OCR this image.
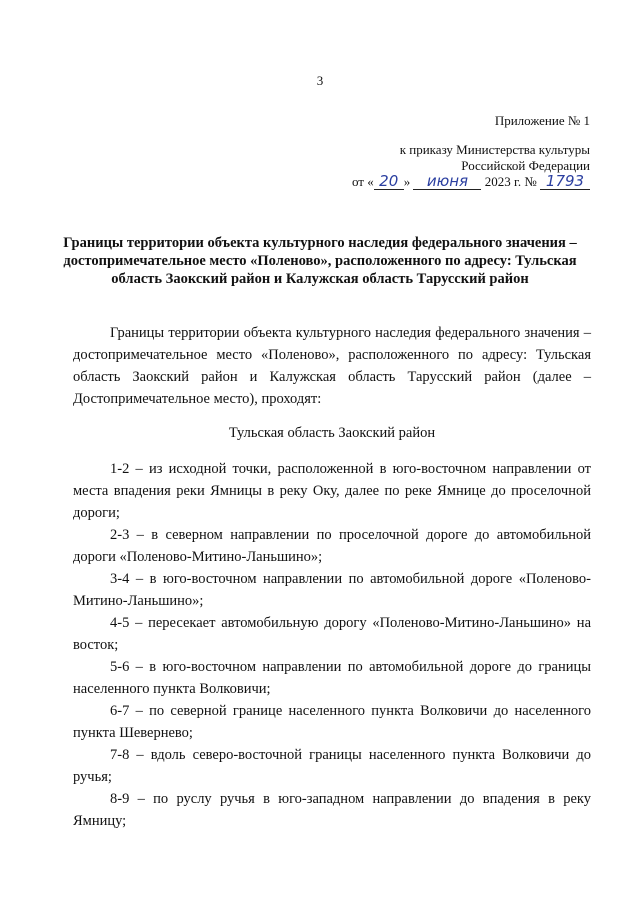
3
Приложение № 1
к приказу Министерства культуры
Российской Федерации
от « 20 » июня 2023 г. № 1793
Границы территории объекта культурного наследия федерального значения – достопримечательное место «Поленово», расположенного по адресу: Тульская область Заокский район и Калужская область Тарусский район

Границы территории объекта культурного наследия федерального значения – достопримечательное место «Поленово», расположенного по адресу: Тульская область Заокский район и Калужская область Тарусский район (далее – Достопримечательное место), проходят:

Тульская область Заокский район

1-2 – из исходной точки, расположенной в юго-восточном направлении от места впадения реки Ямницы в реку Оку, далее по реке Ямнице до проселочной дороги;

2-3 – в северном направлении по проселочной дороге до автомобильной дороги «Поленово-Митино-Ланьшино»;

3-4 – в юго-восточном направлении по автомобильной дороге «Поленово-Митино-Ланьшино»;

4-5 – пересекает автомобильную дорогу «Поленово-Митино-Ланьшино» на восток;

5-6 – в юго-восточном направлении по автомобильной дороге до границы населенного пункта Волковичи;

6-7 – по северной границе населенного пункта Волковичи до населенного пункта Шевернево;

7-8 – вдоль северо-восточной границы населенного пункта Волковичи до ручья;

8-9 – по руслу ручья в юго-западном направлении до впадения в реку Ямницу;
